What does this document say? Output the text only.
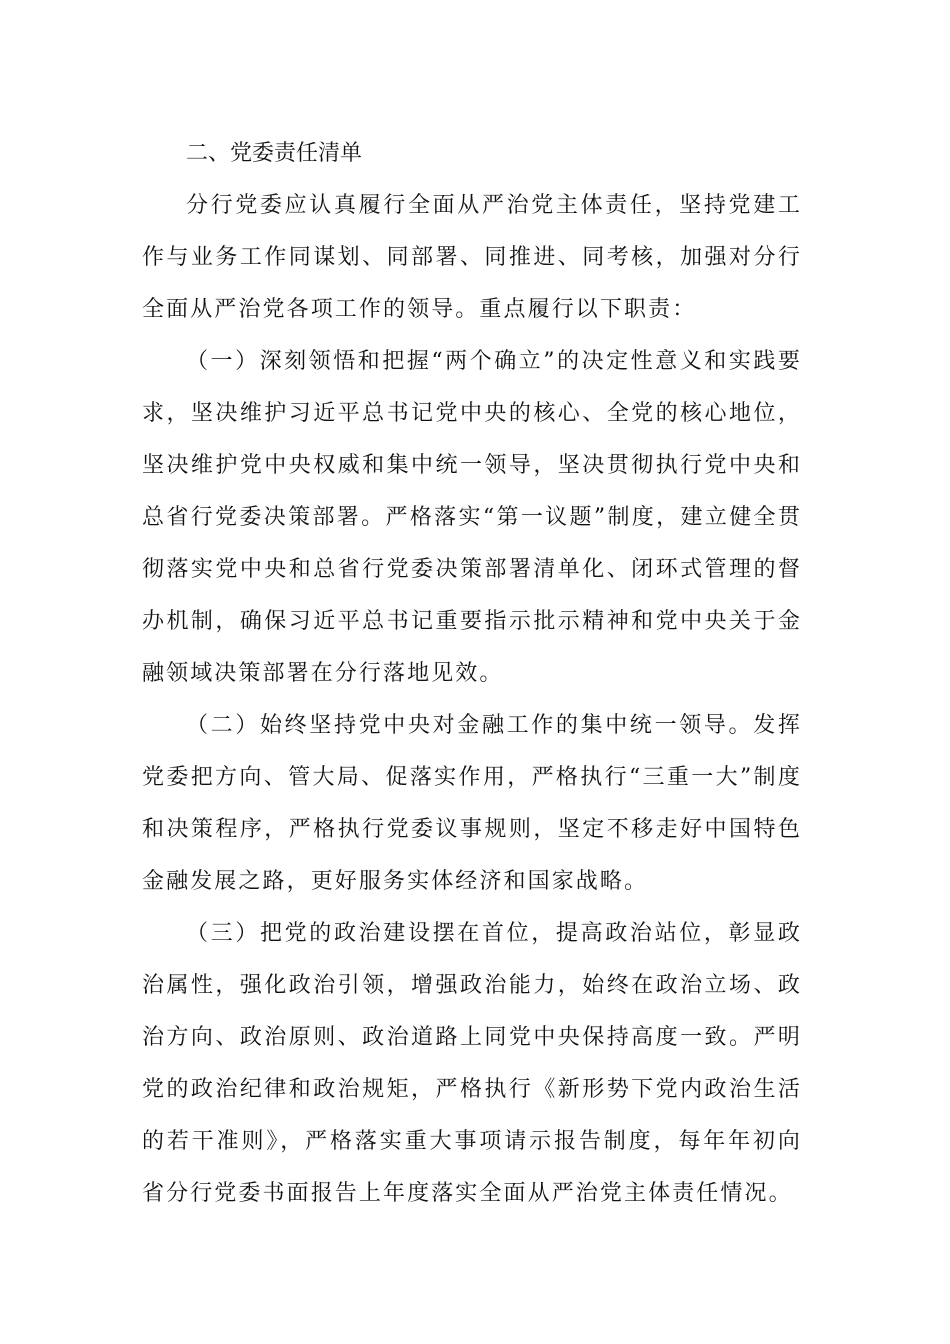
二、党委责任清单

分行党委应认真履行全面从严治党主体责任，坚持党建工作与业务工作同谋划、同部署、同推进、同考核，加强对分行全面从严治党各项工作的领导。重点履行以下职责：

（一）深刻领悟和把握“两个确立”的决定性意义和实践要求，坚决维护习近平总书记党中央的核心、全党的核心地位，坚决维护党中央权威和集中统一领导，坚决贯彻执行党中央和总省行党委决策部署。严格落实“第一议题”制度，建立健全贯彻落实党中央和总省行党委决策部署清单化、闭环式管理的督办机制，确保习近平总书记重要指示批示精神和党中央关于金融领域决策部署在分行落地见效。

（二）始终坚持党中央对金融工作的集中统一领导。发挥党委把方向、管大局、促落实作用，严格执行“三重一大”制度和决策程序，严格执行党委议事规则，坚定不移走好中国特色金融发展之路，更好服务实体经济和国家战略。

（三）把党的政治建设摆在首位，提高政治站位，彰显政治属性，强化政治引领，增强政治能力，始终在政治立场、政治方向、政治原则、政治道路上同党中央保持高度一致。严明党的政治纪律和政治规矩，严格执行《新形势下党内政治生活的若干准则》，严格落实重大事项请示报告制度，每年年初向省分行党委书面报告上年度落实全面从严治党主体责任情况。
